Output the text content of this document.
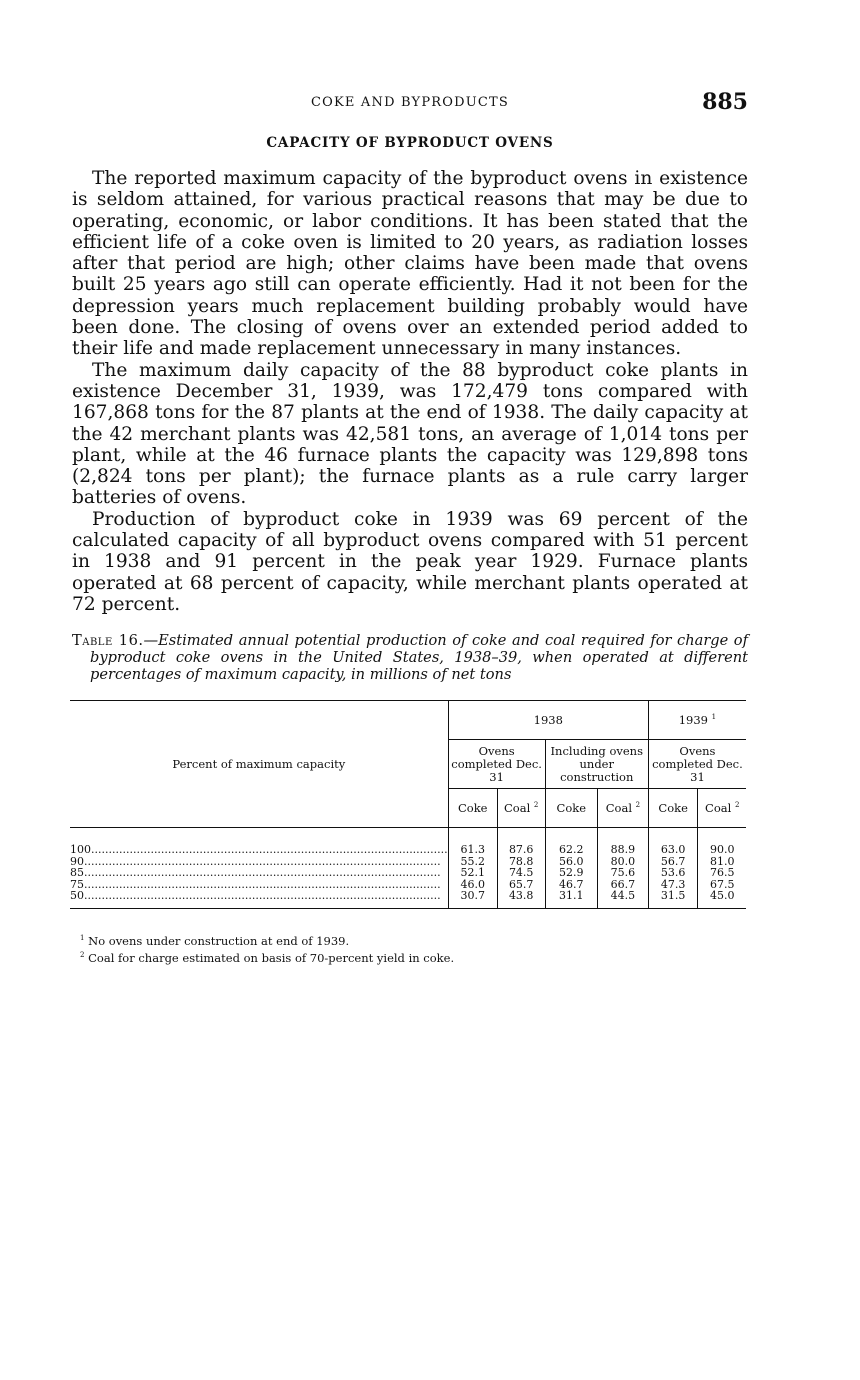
COKE AND BYPRODUCTS	885
CAPACITY OF BYPRODUCT OVENS

The reported maximum capacity of the byproduct ovens in existence is seldom attained, for various practical reasons that may be due to operating, economic, or labor conditions. It has been stated that the efficient life of a coke oven is limited to 20 years, as radiation losses after that period are high; other claims have been made that ovens built 25 years ago still can operate efficiently. Had it not been for the depression years much replacement building probably would have been done. The closing of ovens over an extended period added to their life and made replacement unnecessary in many instances.

The maximum daily capacity of the 88 byproduct coke plants in existence December 31, 1939, was 172,479 tons compared with 167,868 tons for the 87 plants at the end of 1938. The daily capacity at the 42 merchant plants was 42,581 tons, an average of 1,014 tons per plant, while at the 46 furnace plants the capacity was 129,898 tons (2,824 tons per plant); the furnace plants as a rule carry larger batteries of ovens.

Production of byproduct coke in 1939 was 69 percent of the calculated capacity of all byproduct ovens compared with 51 percent in 1938 and 91 percent in the peak year 1929. Furnace plants operated at 68 percent of capacity, while merchant plants operated at 72 percent.

Table 16.—Estimated annual potential production of coke and coal required for charge of byproduct coke ovens in the United States, 1938–39, when operated at different percentages of maximum capacity, in millions of net tons
Percent of maximum capacity	1938				1939 $^1$
	Ovens completed Dec. 31		Including ovens under construction		Ovens completed Dec. 31	
	Coke	Coal $^2$	Coke	Coal $^2$	Coke	Coal $^2$
100......................................................................................................	61.3	87.6	62.2	88.9	63.0	90.0
90......................................................................................................	55.2	78.8	56.0	80.0	56.7	81.0
85......................................................................................................	52.1	74.5	52.9	75.6	53.6	76.5
75......................................................................................................	46.0	65.7	46.7	66.7	47.3	67.5
50......................................................................................................	30.7	43.8	31.1	44.5	31.5	45.0
$^1$ No ovens under construction at end of 1939.
$^2$ Coal for charge estimated on basis of 70-percent yield in coke.
